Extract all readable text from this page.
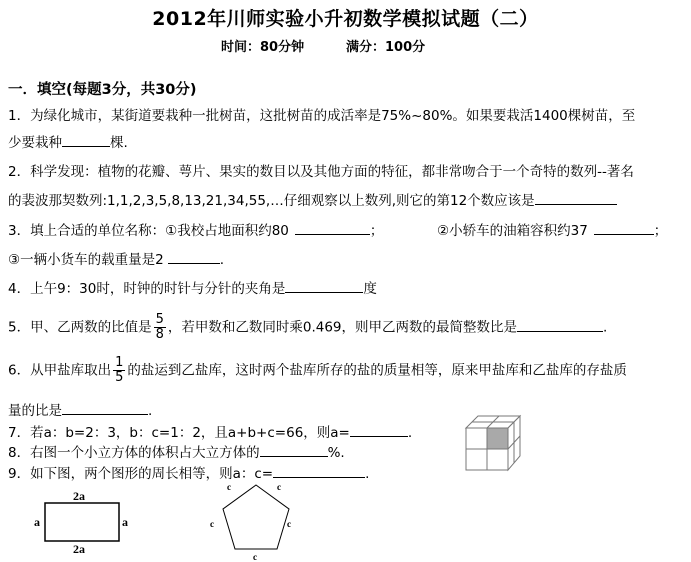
2012年川师实验小升初数学模拟试题（二）
时间：80分钟	满分：100分
一．填空(每题3分，共30分)
1．为绿化城市，某街道要栽种一批树苗，这批树苗的成活率是75%~80%。如果要栽活1400棵树苗，至
少要栽种	棵.
2．科学发现：植物的花瓣、萼片、果实的数目以及其他方面的特征，都非常吻合于一个奇特的数列--著名
的裴波那契数列:1,1,2,3,5,8,13,21,34,55,…仔细观察以上数列,则它的第12个数应该是
3．填上合适的单位名称：①我校占地面积约80	；	②小轿车的油箱容积约37	；
③一辆小货车的载重量是2	.
4．上午9：30时，时钟的时针与分针的夹角是	度
5．甲、乙两数的比值是 $\frac{5}{8}$ ，若甲数和乙数同时乘0.469，则甲乙两数的最简整数比是	.
6．从甲盐库取出 $\frac{1}{5}$ 的盐运到乙盐库，这时两个盐库所存的盐的质量相等，原来甲盐库和乙盐库的存盐质
量的比是	.
7．若a：b=2：3，b：c=1：2，且a+b+c=66，则a=	.
8．右图一个小立方体的体积占大立方体的	%.
9．如下图，两个图形的周长相等，则a：c=	.
2a
a	a
2a
c	c
c	c
c
